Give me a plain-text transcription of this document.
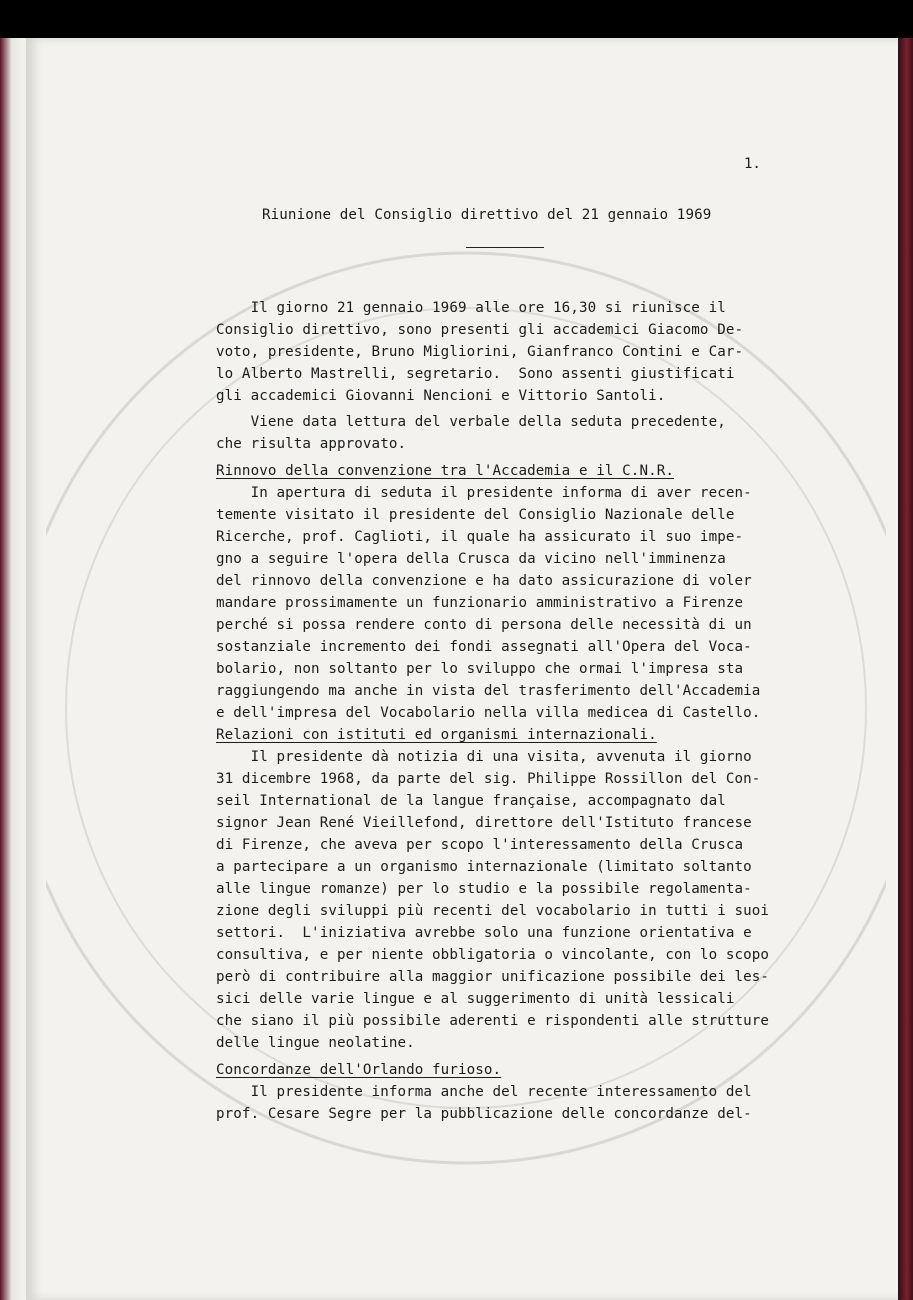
1.

Riunione del Consiglio direttivo del 21 gennaio 1969

Il giorno 21 gennaio 1969 alle ore 16,30 si riunisce il
Consiglio direttivo, sono presenti gli accademici Giacomo De-
voto, presidente, Bruno Migliorini, Gianfranco Contini e Car-
lo Alberto Mastrelli, segretario.  Sono assenti giustificati
gli accademici Giovanni Nencioni e Vittorio Santoli.
Viene data lettura del verbale della seduta precedente,
che risulta approvato.
Rinnovo della convenzione tra l'Accademia e il C.N.R.
In apertura di seduta il presidente informa di aver recen-
temente visitato il presidente del Consiglio Nazionale delle
Ricerche, prof. Caglioti, il quale ha assicurato il suo impe-
gno a seguire l'opera della Crusca da vicino nell'imminenza
del rinnovo della convenzione e ha dato assicurazione di voler
mandare prossimamente un funzionario amministrativo a Firenze
perché si possa rendere conto di persona delle necessità di un
sostanziale incremento dei fondi assegnati all'Opera del Voca-
bolario, non soltanto per lo sviluppo che ormai l'impresa sta
raggiungendo ma anche in vista del trasferimento dell'Accademia
e dell'impresa del Vocabolario nella villa medicea di Castello.
Relazioni con istituti ed organismi internazionali.
Il presidente dà notizia di una visita, avvenuta il giorno
31 dicembre 1968, da parte del sig. Philippe Rossillon del Con-
seil International de la langue française, accompagnato dal
signor Jean René Vieillefond, direttore dell'Istituto francese
di Firenze, che aveva per scopo l'interessamento della Crusca
a partecipare a un organismo internazionale (limitato soltanto
alle lingue romanze) per lo studio e la possibile regolamenta-
zione degli sviluppi più recenti del vocabolario in tutti i suoi
settori.  L'iniziativa avrebbe solo una funzione orientativa e
consultiva, e per niente obbligatoria o vincolante, con lo scopo
però di contribuire alla maggior unificazione possibile dei les-
sici delle varie lingue e al suggerimento di unità lessicali
che siano il più possibile aderenti e rispondenti alle strutture
delle lingue neolatine.
Concordanze dell'Orlando furioso.
Il presidente informa anche del recente interessamento del
prof. Cesare Segre per la pubblicazione delle concordanze del-
